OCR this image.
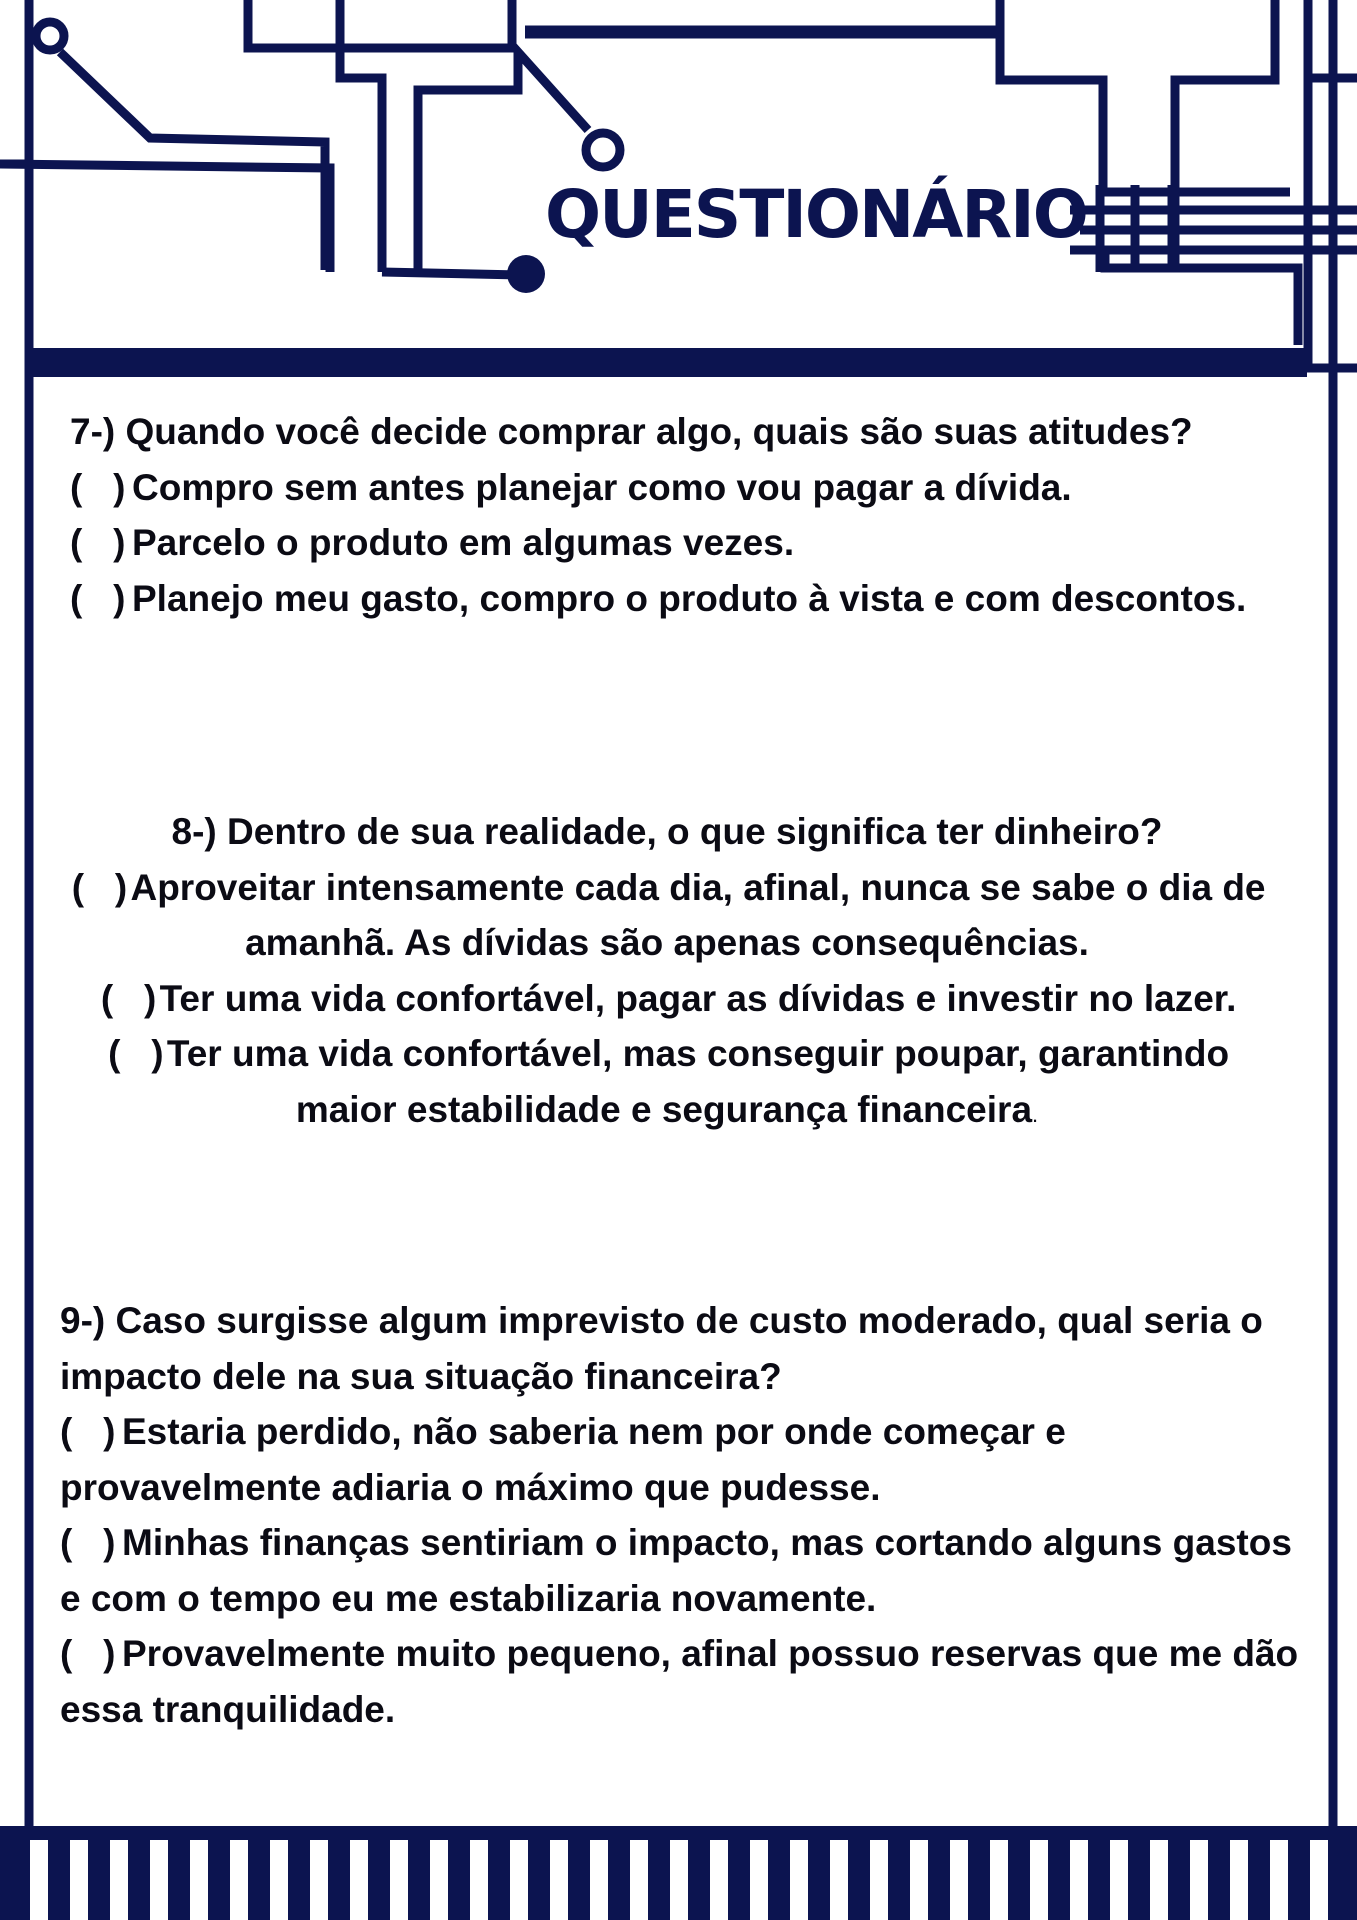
QUESTIONÁRIO

7-) Quando você decide comprar algo, quais são suas atitudes?

(   ) Compro sem antes planejar como vou pagar a dívida.

(   ) Parcelo o produto em algumas vezes.

(   ) Planejo meu gasto, compro o produto à vista e com descontos.

8-) Dentro de sua realidade, o que significa ter dinheiro?

(   )Aproveitar intensamente cada dia, afinal, nunca se sabe o dia de amanhã. As dívidas são apenas consequências.

(   )Ter uma vida confortável, pagar as dívidas e investir no lazer.

(   )Ter uma vida confortável, mas conseguir poupar, garantindo maior estabilidade e segurança financeira.

9-) Caso surgisse algum imprevisto de custo moderado, qual seria o impacto dele na sua situação financeira?

(   ) Estaria perdido, não saberia nem por onde começar e provavelmente adiaria o máximo que pudesse.

(   ) Minhas finanças sentiriam o impacto, mas cortando alguns gastos e com o tempo eu me estabilizaria novamente.

(   ) Provavelmente muito pequeno, afinal possuo reservas que me dão essa tranquilidade.
